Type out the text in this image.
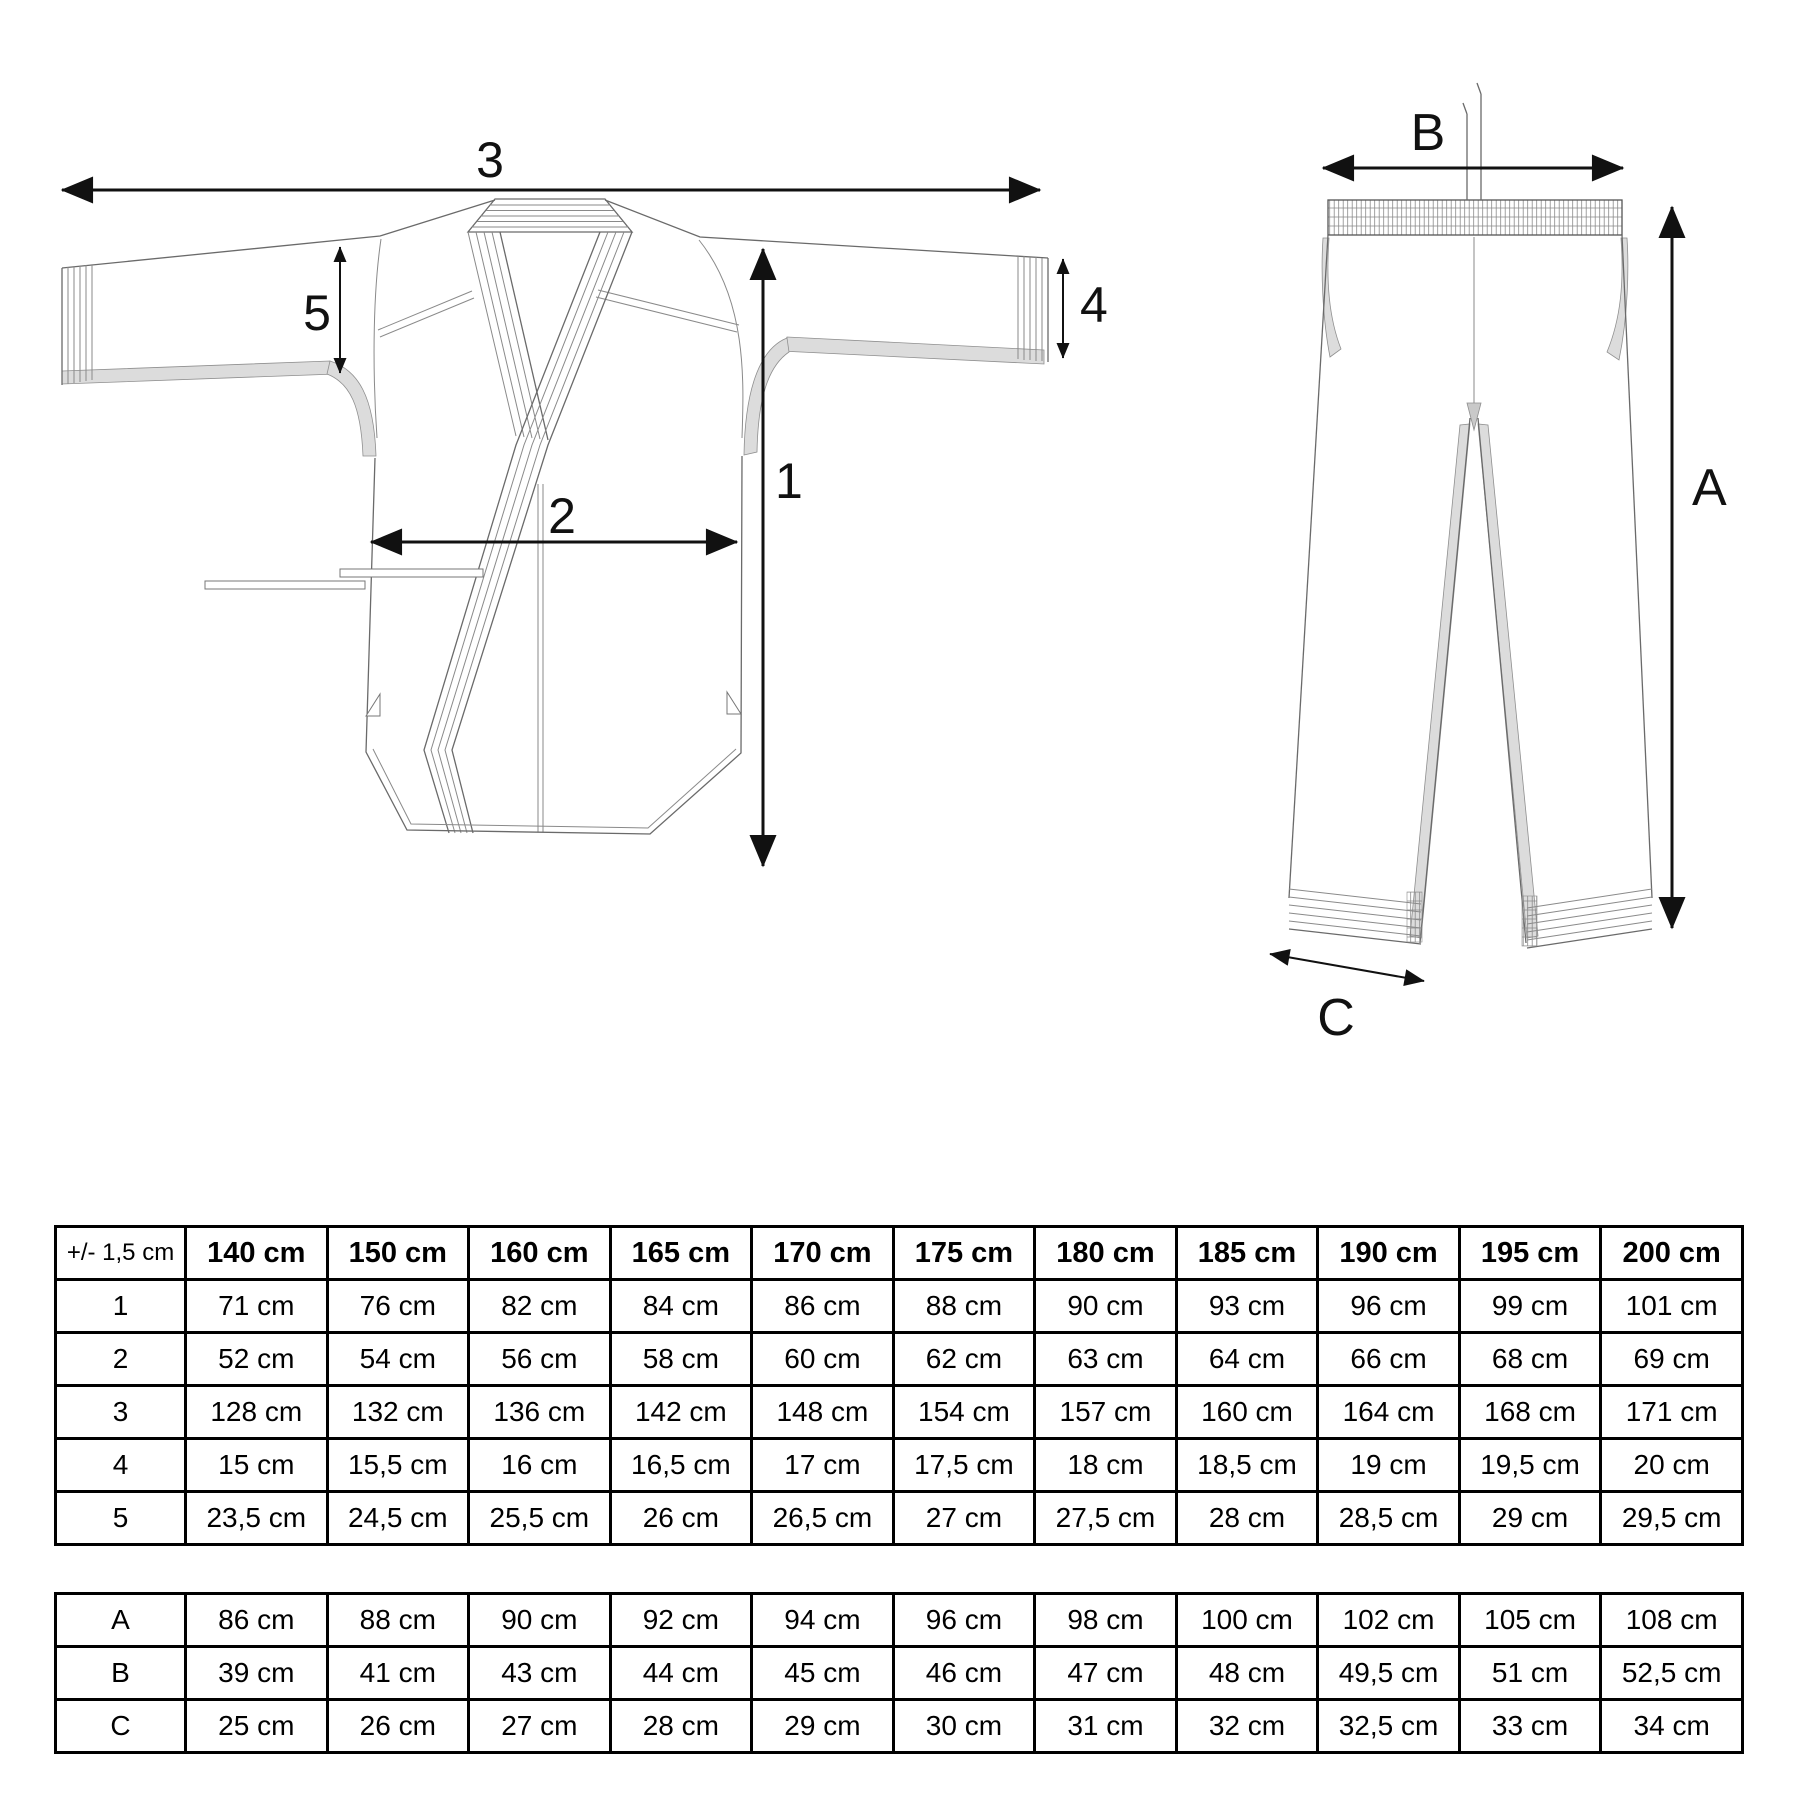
3
1
2
4
5
B
A
C
+/- 1,5 cm	140 cm	150 cm	160 cm	165 cm	170 cm	175 cm	180 cm	185 cm	190 cm	195 cm	200 cm
1	71 cm	76 cm	82 cm	84 cm	86 cm	88 cm	90 cm	93 cm	96 cm	99 cm	101 cm
2	52 cm	54 cm	56 cm	58 cm	60 cm	62 cm	63 cm	64 cm	66 cm	68 cm	69 cm
3	128 cm	132 cm	136 cm	142 cm	148 cm	154 cm	157 cm	160 cm	164 cm	168 cm	171 cm
4	15 cm	15,5 cm	16 cm	16,5 cm	17 cm	17,5 cm	18 cm	18,5 cm	19 cm	19,5 cm	20 cm
5	23,5 cm	24,5 cm	25,5 cm	26 cm	26,5 cm	27 cm	27,5 cm	28 cm	28,5 cm	29 cm	29,5 cm
A	86 cm	88 cm	90 cm	92 cm	94 cm	96 cm	98 cm	100 cm	102 cm	105 cm	108 cm
B	39 cm	41 cm	43 cm	44 cm	45 cm	46 cm	47 cm	48 cm	49,5 cm	51 cm	52,5 cm
C	25 cm	26 cm	27 cm	28 cm	29 cm	30 cm	31 cm	32 cm	32,5 cm	33 cm	34 cm
